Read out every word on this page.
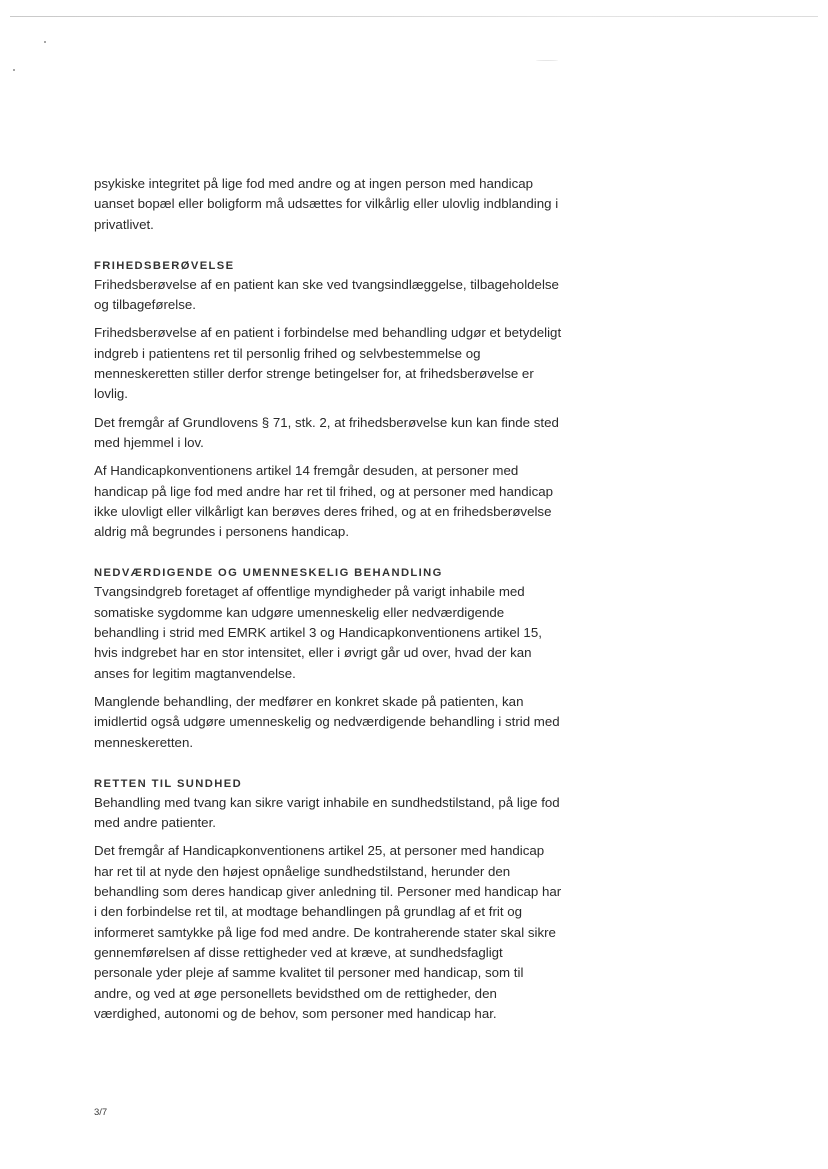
psykiske integritet på lige fod med andre og at ingen person med handicap uanset bopæl eller boligform må udsættes for vilkårlig eller ulovlig indblanding i privatlivet.

FRIHEDSBERØVELSE

Frihedsberøvelse af en patient kan ske ved tvangsindlæggelse, tilbageholdelse og tilbageførelse.

Frihedsberøvelse af en patient i forbindelse med behandling udgør et betydeligt indgreb i patientens ret til personlig frihed og selvbestemmelse og menneskeretten stiller derfor strenge betingelser for, at frihedsberøvelse er lovlig.

Det fremgår af Grundlovens § 71, stk. 2, at frihedsberøvelse kun kan finde sted med hjemmel i lov.

Af Handicapkonventionens artikel 14 fremgår desuden, at personer med handicap på lige fod med andre har ret til frihed, og at personer med handicap ikke ulovligt eller vilkårligt kan berøves deres frihed, og at en frihedsberøvelse aldrig må begrundes i personens handicap.

NEDVÆRDIGENDE OG UMENNESKELIG BEHANDLING

Tvangsindgreb foretaget af offentlige myndigheder på varigt inhabile med somatiske sygdomme kan udgøre umenneskelig eller nedværdigende behandling i strid med EMRK artikel 3 og Handicapkonventionens artikel 15, hvis indgrebet har en stor intensitet, eller i øvrigt går ud over, hvad der kan anses for legitim magtanvendelse.

Manglende behandling, der medfører en konkret skade på patienten, kan imidlertid også udgøre umenneskelig og nedværdigende behandling i strid med menneskeretten.

RETTEN TIL SUNDHED

Behandling med tvang kan sikre varigt inhabile en sundhedstilstand, på lige fod med andre patienter.

Det fremgår af Handicapkonventionens artikel 25, at personer med handicap har ret til at nyde den højest opnåelige sundhedstilstand, herunder den behandling som deres handicap giver anledning til. Personer med handicap har i den forbindelse ret til, at modtage behandlingen på grundlag af et frit og informeret samtykke på lige fod med andre. De kontraherende stater skal sikre gennemførelsen af disse rettigheder ved at kræve, at sundhedsfagligt personale yder pleje af samme kvalitet til personer med handicap, som til andre, og ved at øge personellets bevidsthed om de rettigheder, den værdighed, autonomi og de behov, som personer med handicap har.

3/7
